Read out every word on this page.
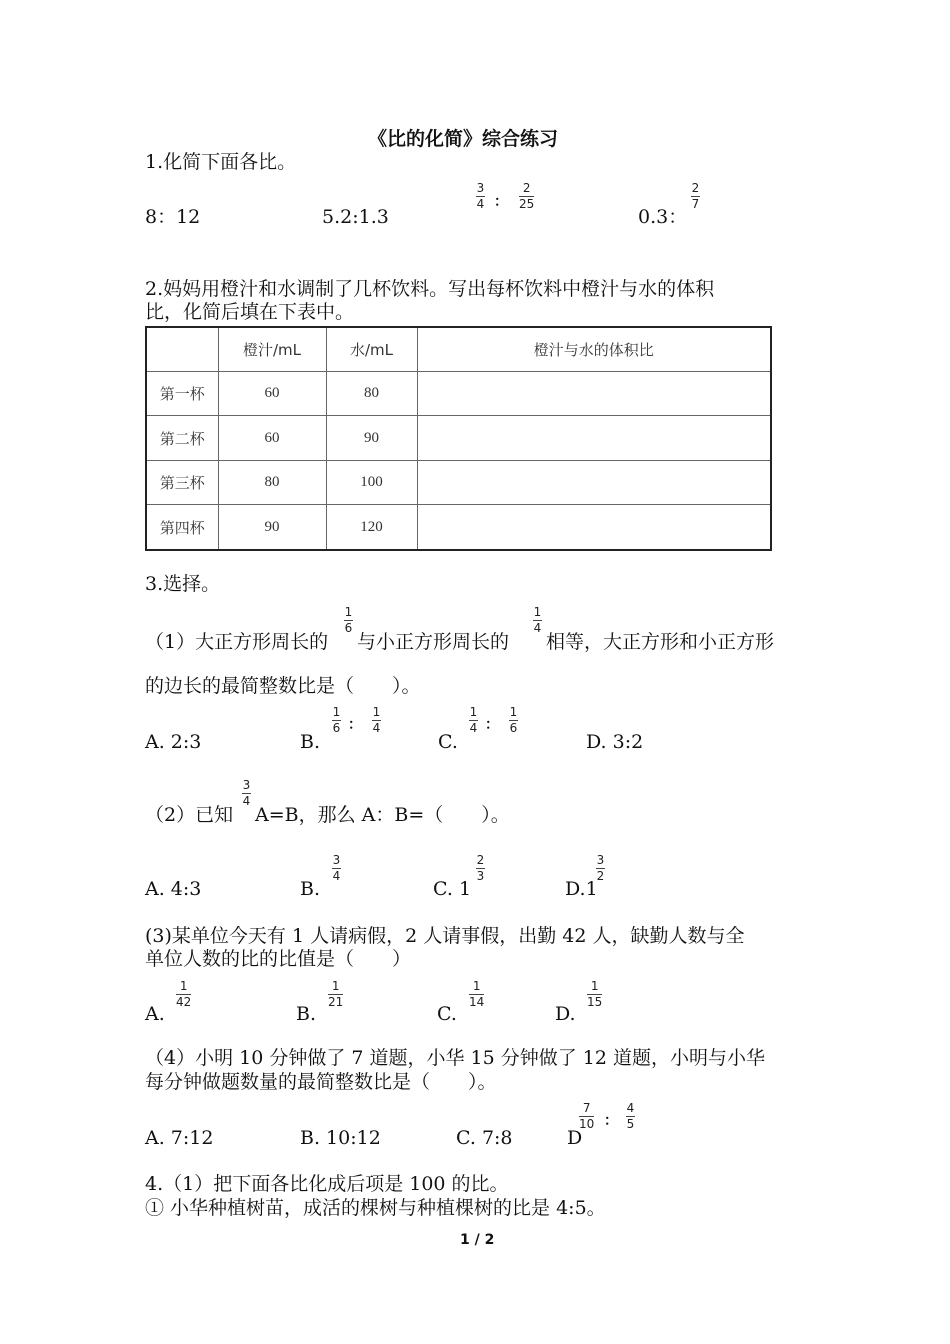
《比的化简》综合练习
1.化简下面各比。
8：12	5.2:1.3
3
4 ：
2
25
0.3：
2
7
2.妈妈用橙汁和水调制了几杯饮料。写出每杯饮料中橙汁与水的体积
比，化简后填在下表中。
	橙汁/mL	水/mL	橙汁与水的体积比
第一杯	60	80	
第二杯	60	90	
第三杯	80	100	
第四杯	90	120	
3.选择。
（1）大正方形周长的
1
6
与小正方形周长的
1
4
相等，大正方形和小正方形
的边长的最简整数比是（　　）。
A. 2:3	B.
1
6 ：
1
4
C.
1
4 ：
1
6
D. 3:2
（2）已知
3
4
A=B，那么 A：B=（　　）。
A. 4:3	B.
3
4
C. 1
2
3
D.1
3
2
(3)某单位今天有 1 人请病假，2 人请事假，出勤 42 人，缺勤人数与全
单位人数的比的比值是（　　）
A.
1
42
B.
1
21
C.
1
14
D.
1
15
（4）小明 10 分钟做了 7 道题，小华 15 分钟做了 12 道题，小明与小华
每分钟做题数量的最简整数比是（　　）。
A. 7:12	B. 10:12	C. 7:8	D
7
10 ：
4
5
4.（1）把下面各比化成后项是 100 的比。
① 小华种植树苗，成活的棵树与种植棵树的比是 4:5。
1 / 2
